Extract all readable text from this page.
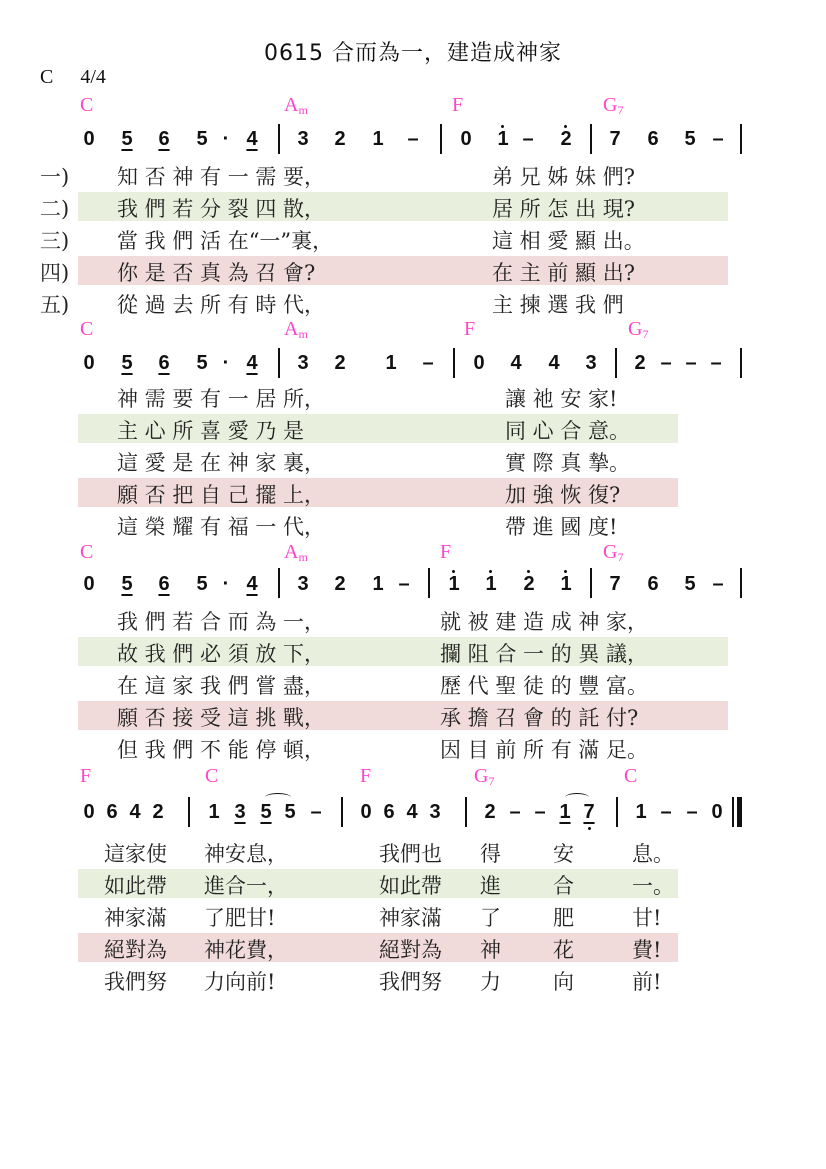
0615 合而為一，建造成神家
C 4/4
C	$A_m$	F	$G_7$
0 5 6 5 · 4 3 2 1 – 0 1 – 2 7 6 5 –
一)
二)
三)
四)
五)
知 否 神 有 一 需 要，	弟 兄 姊 妹 們?
我 們 若 分 裂 四 散，	居 所 怎 出 現?
當 我 們 活 在“一”裏，	這 相 愛 顯 出。
你 是 否 真 為 召 會?	在 主 前 顯 出?
從 過 去 所 有 時 代，	主 揀 選 我 們
C	$A_m$	F	$G_7$
0 5 6 5 · 4 3 2 1 – 0 4 4 3 2 – – –
神 需 要 有 一 居 所，	讓 祂 安 家!
主 心 所 喜 愛 乃 是	同 心 合 意。
這 愛 是 在 神 家 裏，	實 際 真 摯。
願 否 把 自 己 擺 上，	加 強 恢 復?
這 榮 耀 有 福 一 代，	帶 進 國 度!
C	$A_m$	F	$G_7$
0 5 6 5 · 4 3 2 1 – 1 1 2 1 7 6 5 –
我 們 若 合 而 為 一，	就 被 建 造 成 神 家，
故 我 們 必 須 放 下，	攔 阻 合 一 的 異 議，
在 這 家 我 們 嘗 盡，	歷 代 聖 徒 的 豐 富。
願 否 接 受 這 挑 戰，	承 擔 召 會 的 託 付?
但 我 們 不 能 停 頓，	因 目 前 所 有 滿 足。
F	C	F	$G_7$	C
0 6 4 2 1 3 5 5 – 0 6 4 3 2 – – 1 7 1 – – 0
這家使 神安息，	我們也 得 安	息。
如此帶 進合一，	如此帶 進 合	一。
神家滿 了肥甘!	神家滿 了 肥	甘!
絕對為 神花費，	絕對為 神 花	費!
我們努 力向前!	我們努 力 向	前!
